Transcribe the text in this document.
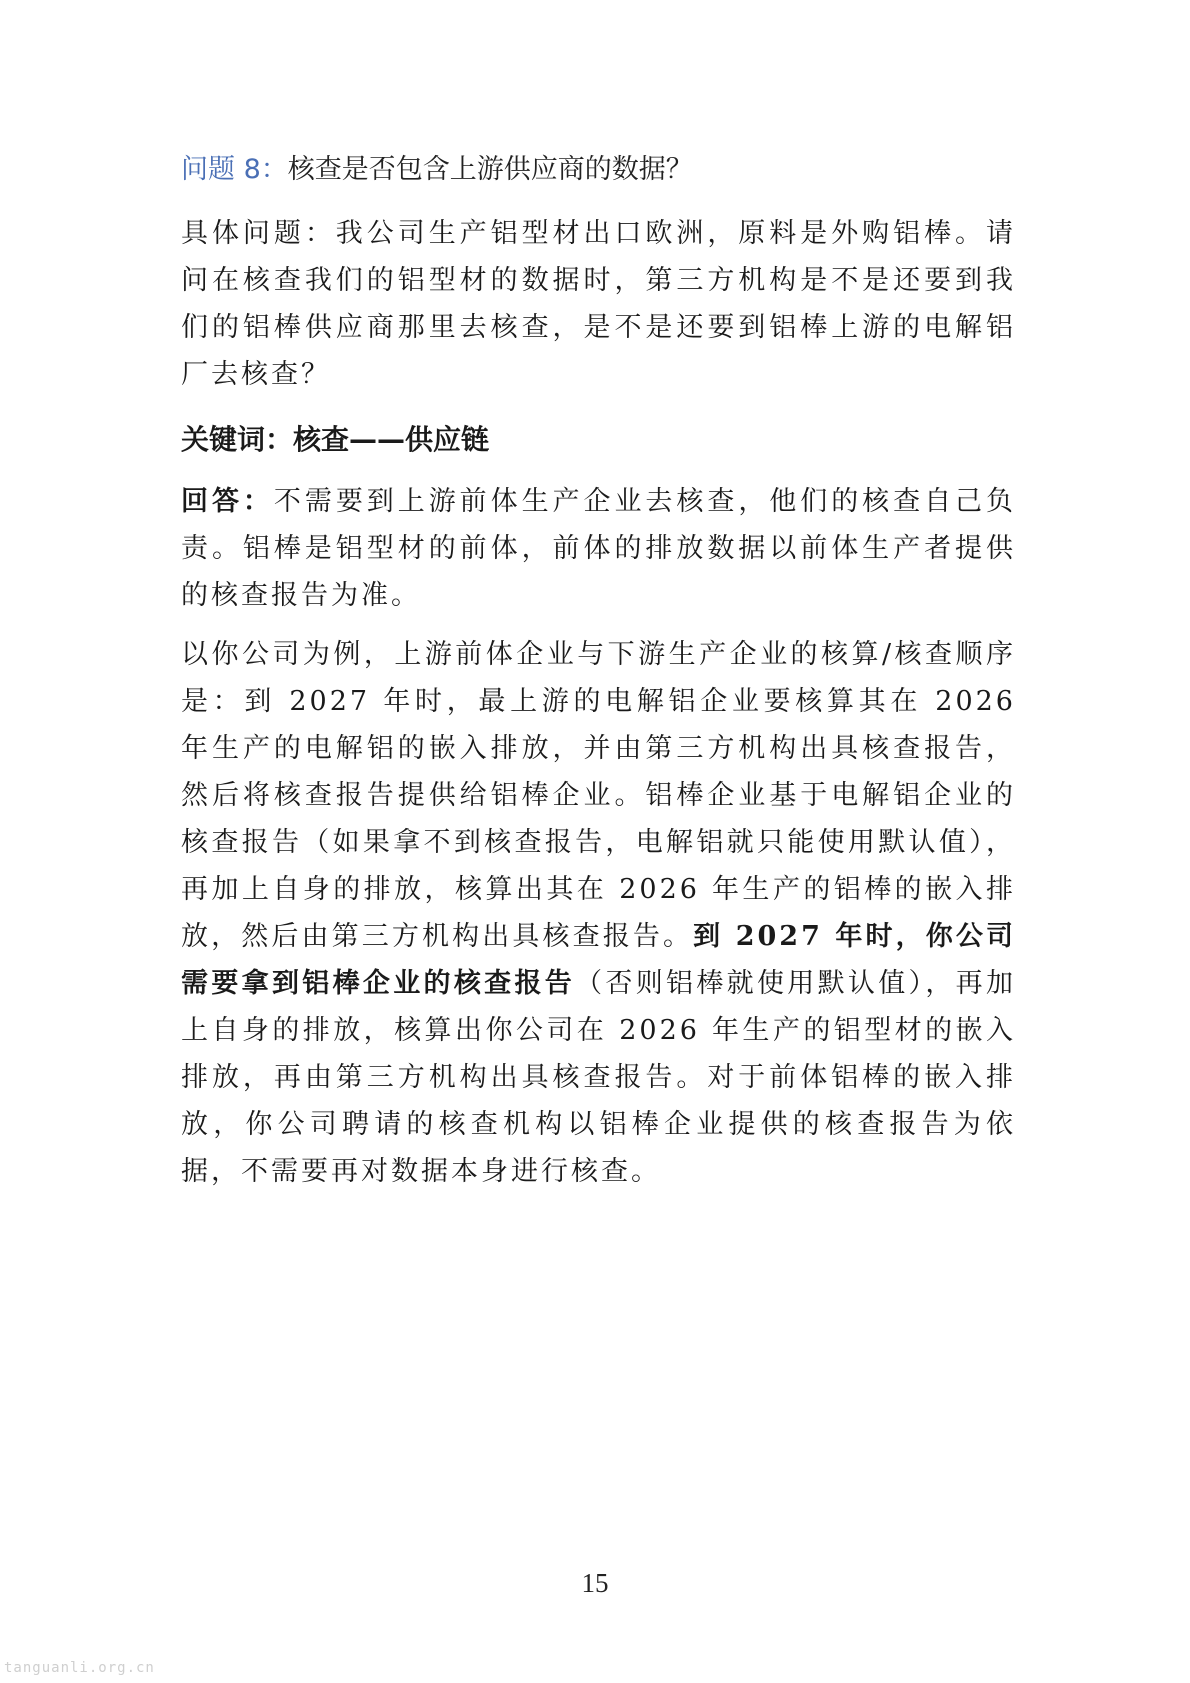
问题 8：核查是否包含上游供应商的数据？

具体问题：我公司生产铝型材出口欧洲，原料是外购铝棒。请问在核查我们的铝型材的数据时，第三方机构是不是还要到我们的铝棒供应商那里去核查，是不是还要到铝棒上游的电解铝厂去核查？

关键词：核查——供应链

回答：不需要到上游前体生产企业去核查，他们的核查自己负责。铝棒是铝型材的前体，前体的排放数据以前体生产者提供的核查报告为准。

以你公司为例，上游前体企业与下游生产企业的核算/核查顺序是：到 2027 年时，最上游的电解铝企业要核算其在 2026 年生产的电解铝的嵌入排放，并由第三方机构出具核查报告，然后将核查报告提供给铝棒企业。铝棒企业基于电解铝企业的核查报告（如果拿不到核查报告，电解铝就只能使用默认值），再加上自身的排放，核算出其在 2026 年生产的铝棒的嵌入排放，然后由第三方机构出具核查报告。到 2027 年时，你公司需要拿到铝棒企业的核查报告（否则铝棒就使用默认值），再加上自身的排放，核算出你公司在 2026 年生产的铝型材的嵌入排放，再由第三方机构出具核查报告。对于前体铝棒的嵌入排放，你公司聘请的核查机构以铝棒企业提供的核查报告为依据，不需要再对数据本身进行核查。

15
tanguanli.org.cn
